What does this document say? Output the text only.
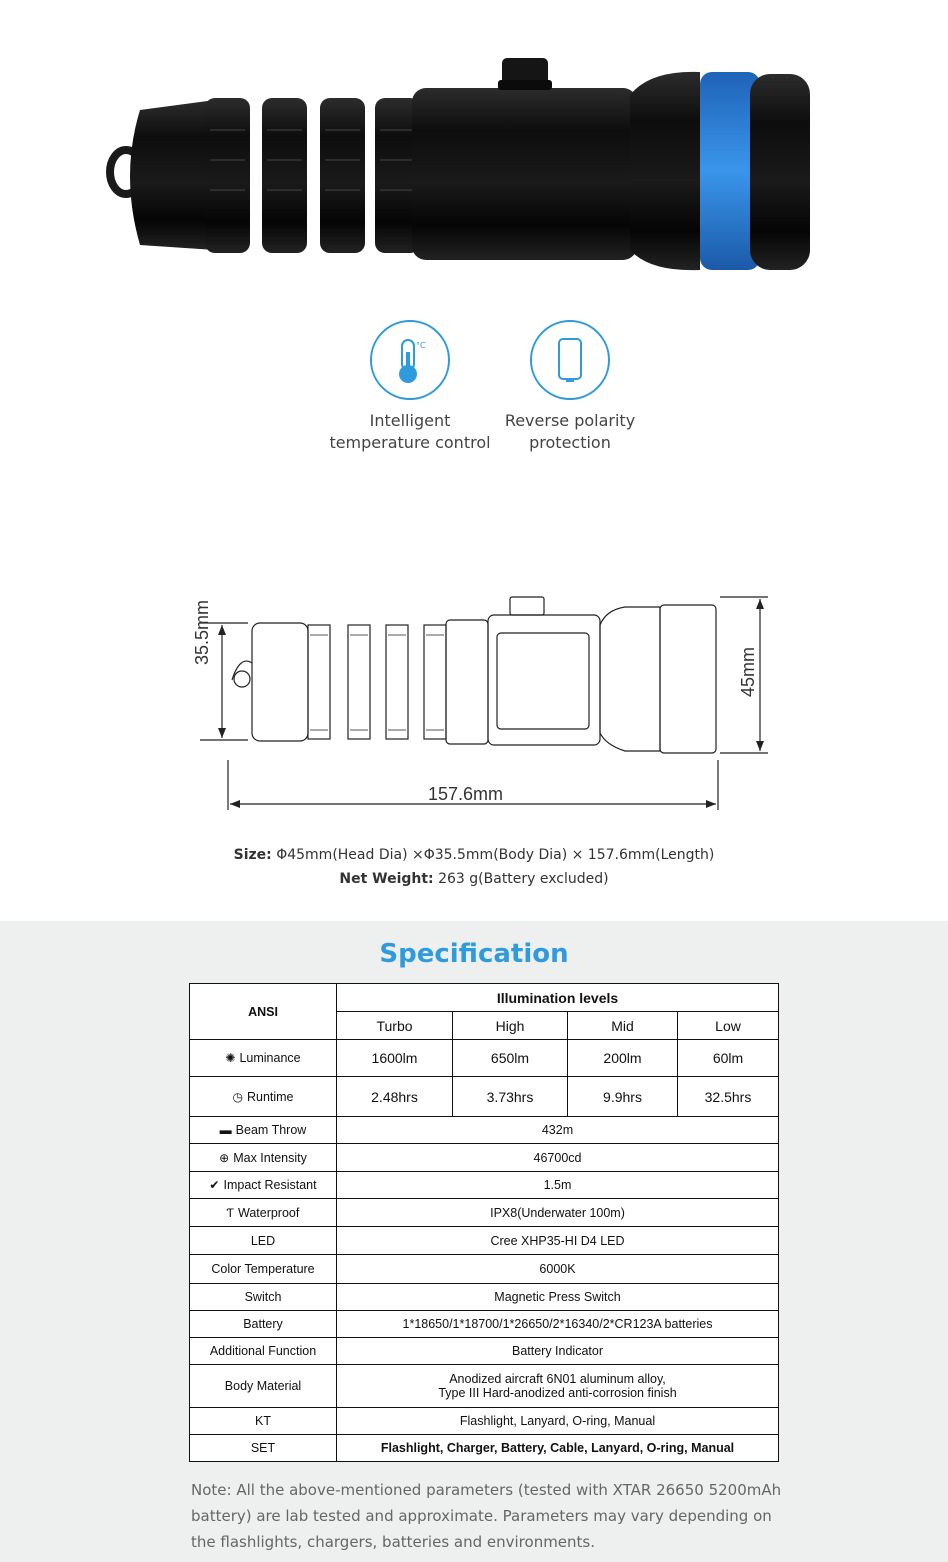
°C
Intelligent
temperature control
Reverse polarity
protection
35.5mm
45mm
157.6mm
Size: Φ45mm(Head Dia) ×Φ35.5mm(Body Dia) × 157.6mm(Length)
Net Weight: 263 g(Battery excluded)
Specification
ANSI	Illumination levels			
	Turbo	High	Mid	Low
✺ Luminance	1600lm	650lm	200lm	60lm
◷ Runtime	2.48hrs	3.73hrs	9.9hrs	32.5hrs
▬ Beam Throw	432m			
⊕ Max Intensity	46700cd			
✔ Impact Resistant	1.5m			
Ƭ Waterproof	IPX8(Underwater 100m)			
LED	Cree XHP35-HI D4 LED			
Color Temperature	6000K			
Switch	Magnetic Press Switch			
Battery	1*18650/1*18700/1*26650/2*16340/2*CR123A batteries			
Additional Function	Battery Indicator			
Body Material	Anodized aircraft 6N01 aluminum alloy,
Type III Hard-anodized anti-corrosion finish			

KT	Flashlight, Lanyard, O-ring, Manual			
SET	Flashlight, Charger, Battery, Cable, Lanyard, O-ring, Manual			
Note: All the above-mentioned parameters (tested with XTAR 26650 5200mAh battery) are lab tested and approximate. Parameters may vary depending on the flashlights, chargers, batteries and environments.
